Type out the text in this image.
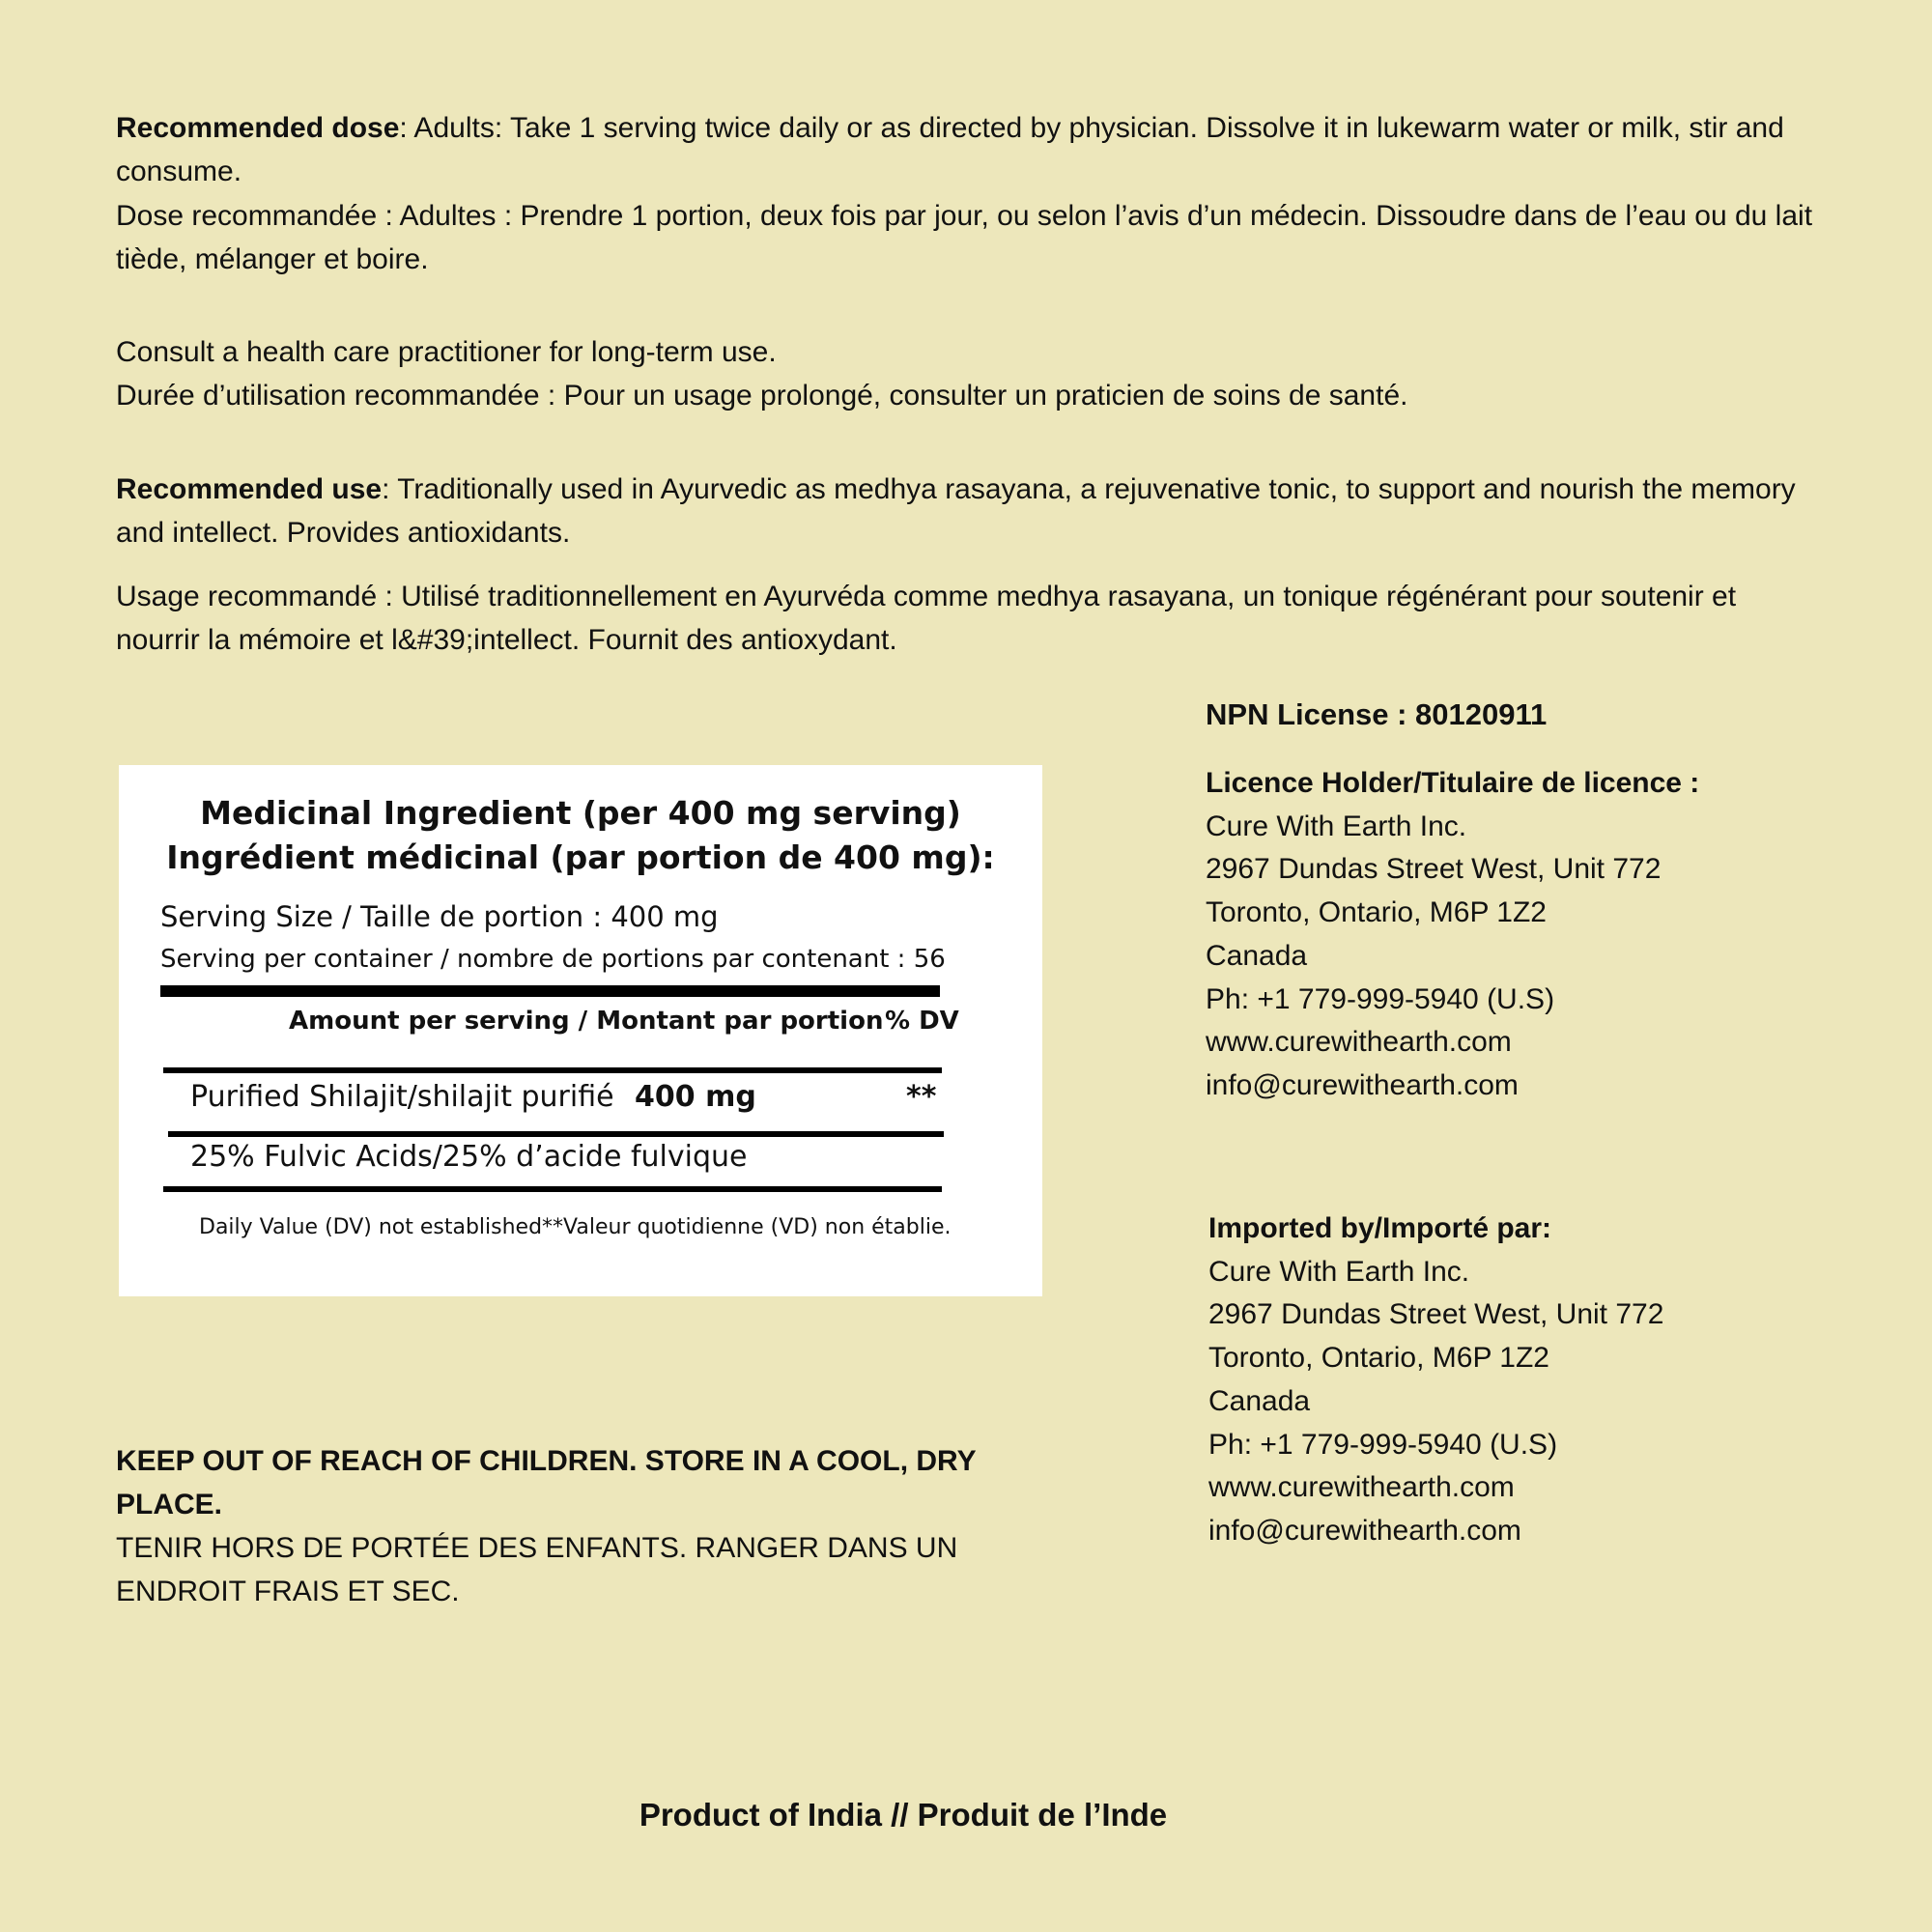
Recommended dose: Adults: Take 1 serving twice daily or as directed by physician. Dissolve it in lukewarm water or milk, stir and consume.

Dose recommandée : Adultes : Prendre 1 portion, deux fois par jour, ou selon l’avis d’un médecin. Dissoudre dans de l’eau ou du lait tiède, mélanger et boire.

Consult a health care practitioner for long-term use.

Durée d’utilisation recommandée : Pour un usage prolongé, consulter un praticien de soins de santé.

Recommended use: Traditionally used in Ayurvedic as medhya rasayana, a rejuvenative tonic, to support and nourish the memory and intellect. Provides antioxidants.

Usage recommandé : Utilisé traditionnellement en Ayurvéda comme medhya rasayana, un tonique régénérant pour soutenir et nourrir la mémoire et l&#39;intellect. Fournit des antioxydant.

Medicinal Ingredient (per 400 mg serving)
Ingrédient médicinal (par portion de 400 mg):
Serving Size / Taille de portion : 400 mg
Serving per container / nombre de portions par contenant : 56
Amount per serving / Montant par portion % DV
Purified Shilajit/shilajit purifié 400 mg	**
25% Fulvic Acids/25% d’acide fulvique
Daily Value (DV) not established**Valeur quotidienne (VD) non établie.

KEEP OUT OF REACH OF CHILDREN. STORE IN A COOL, DRY PLACE.

TENIR HORS DE PORTÉE DES ENFANTS. RANGER DANS UN ENDROIT FRAIS ET SEC.

NPN License : 80120911
Licence Holder/Titulaire de licence :
Cure With Earth Inc.
2967 Dundas Street West, Unit 772
Toronto, Ontario, M6P 1Z2
Canada
Ph: +1 779-999-5940 (U.S)
www.curewithearth.com
info@curewithearth.com
Imported by/Importé par:
Cure With Earth Inc.
2967 Dundas Street West, Unit 772
Toronto, Ontario, M6P 1Z2
Canada
Ph: +1 779-999-5940 (U.S)
www.curewithearth.com
info@curewithearth.com
Product of India // Produit de l’Inde
